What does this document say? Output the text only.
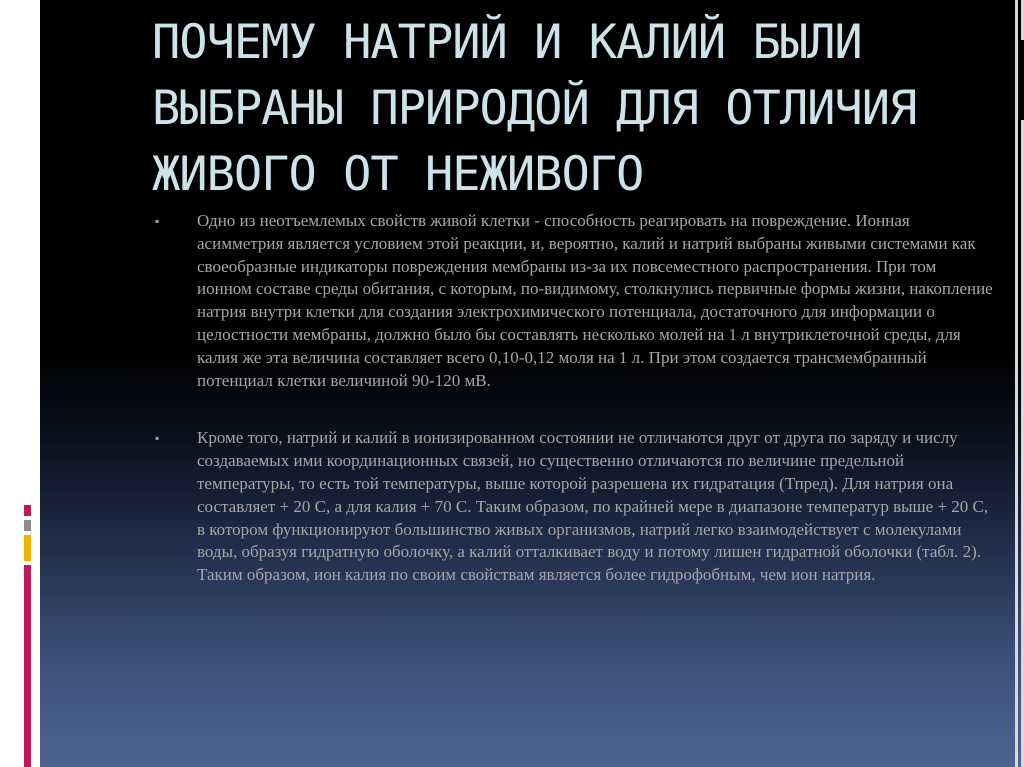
ПОЧЕМУ НАТРИЙ И КАЛИЙ БЫЛИ ВЫБРАНЫ ПРИРОДОЙ ДЛЯ ОТЛИЧИЯ ЖИВОГО ОТ НЕЖИВОГО
▪ Одно из неотъемлемых свойств живой клетки - способность реагировать на повреждение. Ионная асимметрия является условием этой реакции, и, вероятно, калий и натрий выбраны живыми системами как своеобразные индикаторы повреждения мембраны из-за их повсеместного распространения. При том ионном составе среды обитания, с которым, по-видимому, столкнулись первичные формы жизни, накопление натрия внутри клетки для создания электрохимического потенциала, достаточного для информации о целостности мембраны, должно было бы составлять несколько молей на 1 л внутриклеточной среды, для калия же эта величина составляет всего 0,10-0,12 моля на 1 л. При этом создается трансмембранный потенциал клетки величиной 90-120 мВ.
▪ Кроме того, натрий и калий в ионизированном состоянии не отличаются друг от друга по заряду и числу создаваемых ими координационных связей, но существенно отличаются по величине предельной температуры, то есть той температуры, выше которой разрешена их гидратация (Тпред). Для натрия она составляет + 20 С, а для калия + 70 С. Таким образом, по крайней мере в диапазоне температур выше + 20 С, в котором функционируют большинство живых организмов, натрий легко взаимодействует с молекулами воды, образуя гидратную оболочку, а калий отталкивает воду и потому лишен гидратной оболочки (табл. 2). Таким образом, ион калия по своим свойствам является более гидрофобным, чем ион натрия.
